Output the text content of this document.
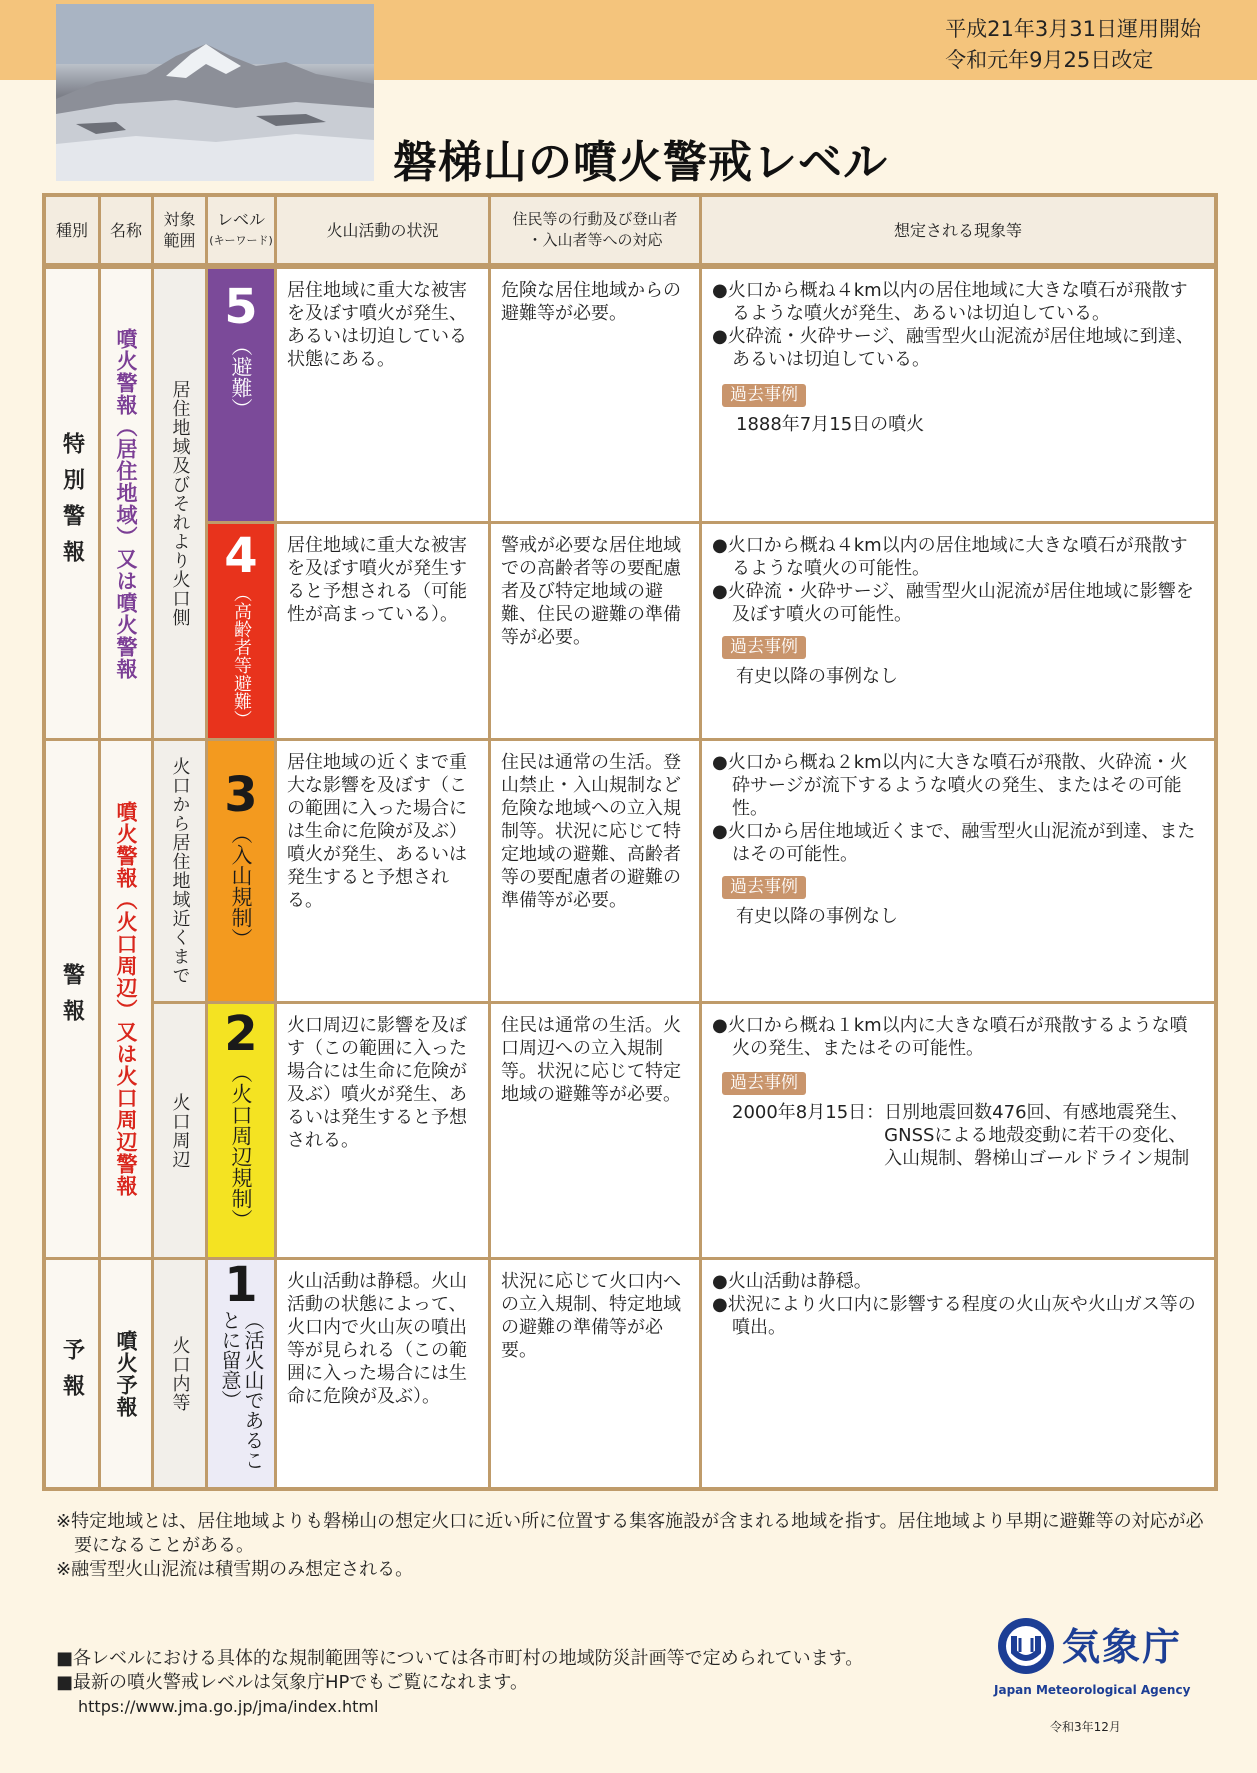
平成21年3月31日運用開始
令和元年9月25日改定
磐梯山の噴火警戒レベル
種別	名称
対象
範囲
レベル
(キーワード)
火山活動の状況
住民等の行動及び登山者
・入山者等への対応
想定される現象等
特別警報
警報
予報
噴火警報（居住地域）又は噴火警報
噴火警報（火口周辺）又は火口周辺警報
噴火予報
居住地域及びそれより火口側
火口から居住地域近くまで
火口周辺
火口内等
5
（避難）
居住地域に重大な被害を及ぼす噴火が発生、あるいは切迫している状態にある。
危険な居住地域からの避難等が必要。

●火口から概ね４km以内の居住地域に大きな噴石が飛散するような噴火が発生、あるいは切迫している。

●火砕流・火砕サージ、融雪型火山泥流が居住地域に到達、あるいは切迫している。

過去事例

1888年7月15日の噴火

4
（高齢者等避難）
居住地域に重大な被害を及ぼす噴火が発生すると予想される（可能性が高まっている）。
警戒が必要な居住地域での高齢者等の要配慮者及び特定地域の避難、住民の避難の準備等が必要。

●火口から概ね４km以内の居住地域に大きな噴石が飛散するような噴火の可能性。

●火砕流・火砕サージ、融雪型火山泥流が居住地域に影響を及ぼす噴火の可能性。

過去事例

有史以降の事例なし

3
（入山規制）
居住地域の近くまで重大な影響を及ぼす（この範囲に入った場合には生命に危険が及ぶ）噴火が発生、あるいは発生すると予想される。
住民は通常の生活。登山禁止・入山規制など危険な地域への立入規制等。状況に応じて特定地域の避難、高齢者等の要配慮者の避難の準備等が必要。

●火口から概ね２km以内に大きな噴石が飛散、火砕流・火砕サージが流下するような噴火の発生、またはその可能性。

●火口から居住地域近くまで、融雪型火山泥流が到達、またはその可能性。

過去事例

有史以降の事例なし

2
（火口周辺規制）
火口周辺に影響を及ぼす（この範囲に入った場合には生命に危険が及ぶ）噴火が発生、あるいは発生すると予想される。
住民は通常の生活。火口周辺への立入規制等。状況に応じて特定地域の避難等が必要。

●火口から概ね１km以内に大きな噴石が飛散するような噴火の発生、またはその可能性。

過去事例
2000年8月15日： 日別地震回数476回、有感地震発生、GNSSによる地殻変動に若干の変化、入山規制、磐梯山ゴールドライン規制
1
（活火山であることに留意）
火山活動は静穏。火山活動の状態によって、火口内で火山灰の噴出等が見られる（この範囲に入った場合には生命に危険が及ぶ）。
状況に応じて火口内への立入規制、特定地域の避難の準備等が必要。

●火山活動は静穏。

●状況により火口内に影響する程度の火山灰や火山ガス等の噴出。

※特定地域とは、居住地域よりも磐梯山の想定火口に近い所に位置する集客施設が含まれる地域を指す。居住地域より早期に避難等の対応が必要になることがある。

※融雪型火山泥流は積雪期のみ想定される。

■各レベルにおける具体的な規制範囲等については各市町村の地域防災計画等で定められています。

■最新の噴火警戒レベルは気象庁HPでもご覧になれます。

https://www.jma.go.jp/jma/index.html

気象庁
Japan Meteorological Agency
令和3年12月
